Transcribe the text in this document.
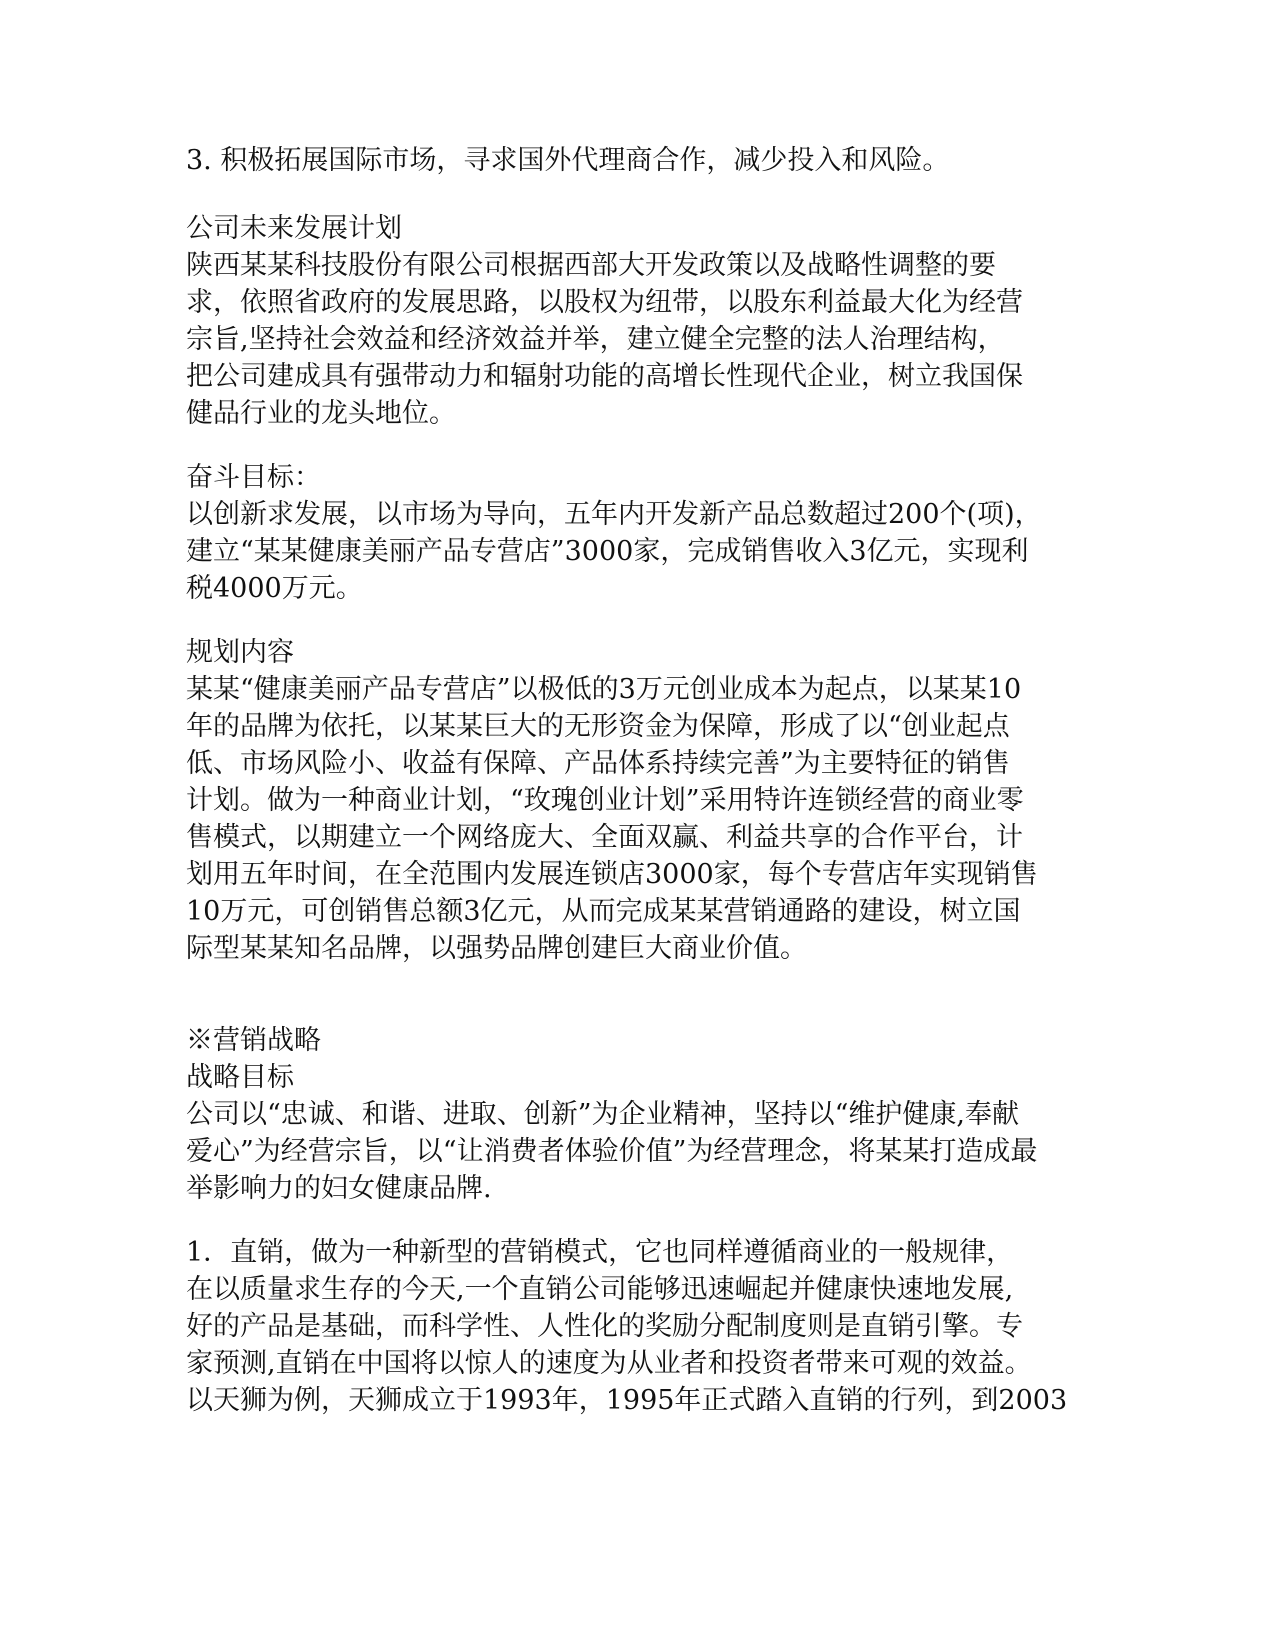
3. 积极拓展国际市场，寻求国外代理商合作，减少投入和风险。

公司未来发展计划

陕西某某科技股份有限公司根据西部大开发政策以及战略性调整的要

求，依照省政府的发展思路，以股权为纽带，以股东利益最大化为经营

宗旨,坚持社会效益和经济效益并举，建立健全完整的法人治理结构，

把公司建成具有强带动力和辐射功能的高增长性现代企业，树立我国保

健品行业的龙头地位。

奋斗目标：

以创新求发展，以市场为导向，五年内开发新产品总数超过200个(项)，

建立“某某健康美丽产品专营店”3000家，完成销售收入3亿元，实现利

税4000万元。

规划内容

某某“健康美丽产品专营店”以极低的3万元创业成本为起点，以某某10

年的品牌为依托，以某某巨大的无形资金为保障，形成了以“创业起点

低、市场风险小、收益有保障、产品体系持续完善”为主要特征的销售

计划。做为一种商业计划，“玫瑰创业计划”采用特许连锁经营的商业零

售模式，以期建立一个网络庞大、全面双赢、利益共享的合作平台，计

划用五年时间，在全范围内发展连锁店3000家，每个专营店年实现销售

10万元，可创销售总额3亿元，从而完成某某营销通路的建设，树立国

际型某某知名品牌，以强势品牌创建巨大商业价值。

※营销战略

战略目标

公司以“忠诚、和谐、进取、创新”为企业精神，坚持以“维护健康,奉献

爱心”为经营宗旨，以“让消费者体验价值”为经营理念，将某某打造成最

举影响力的妇女健康品牌.

1．直销，做为一种新型的营销模式，它也同样遵循商业的一般规律，

在以质量求生存的今天,一个直销公司能够迅速崛起并健康快速地发展,

好的产品是基础，而科学性、人性化的奖励分配制度则是直销引擎。专

家预测,直销在中国将以惊人的速度为从业者和投资者带来可观的效益。

以天狮为例，天狮成立于1993年，1995年正式踏入直销的行列，到2003
